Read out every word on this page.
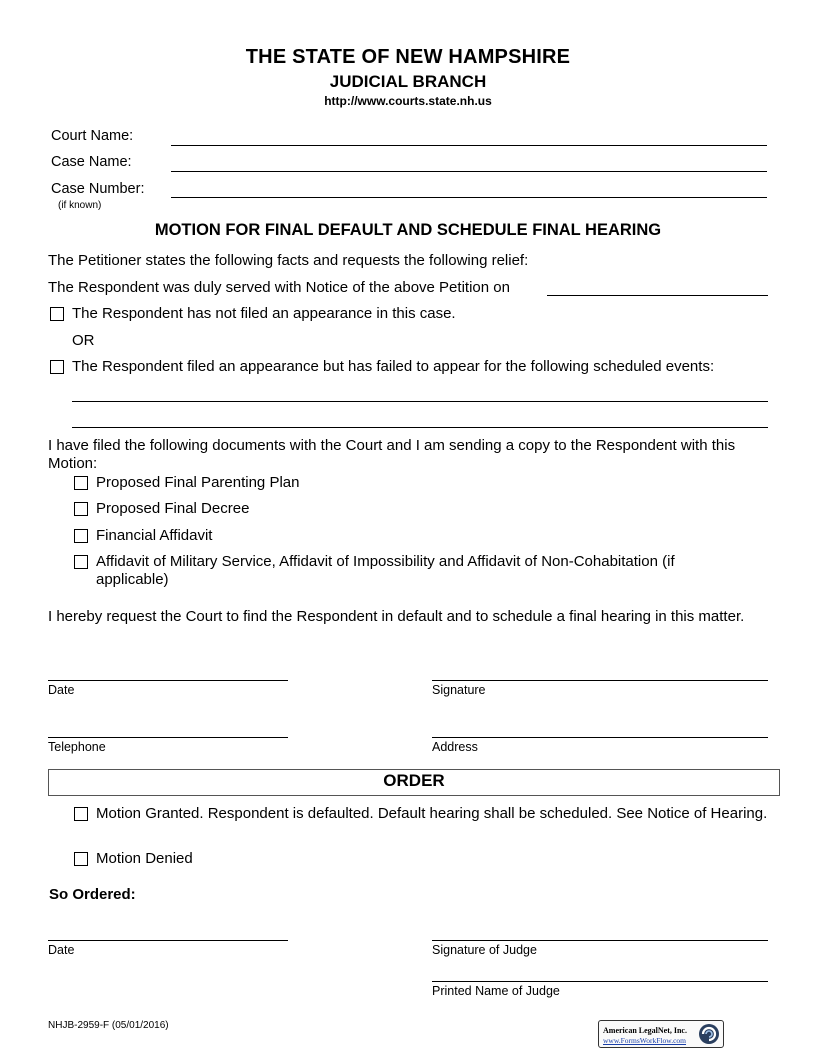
THE STATE OF NEW HAMPSHIRE
JUDICIAL BRANCH
http://www.courts.state.nh.us
Court Name:
Case Name:
Case Number:
(if known)
MOTION FOR FINAL DEFAULT AND SCHEDULE FINAL HEARING
The Petitioner states the following facts and requests the following relief:
The Respondent was duly served with Notice of the above Petition on
The Respondent has not filed an appearance in this case.
OR
The Respondent filed an appearance but has failed to appear for the following scheduled events:
I have filed the following documents with the Court and I am sending a copy to the Respondent with this Motion:
Proposed Final Parenting Plan
Proposed Final Decree
Financial Affidavit
Affidavit of Military Service, Affidavit of Impossibility and Affidavit of Non-Cohabitation (if applicable)
I hereby request the Court to find the Respondent in default and to schedule a final hearing in this matter.
Date	Signature
Telephone	Address
ORDER
Motion Granted. Respondent is defaulted. Default hearing shall be scheduled. See Notice of Hearing.
Motion Denied
So Ordered:
Date	Signature of Judge
Printed Name of Judge
NHJB-2959-F (05/01/2016)	American LegalNet, Inc.
www.FormsWorkFlow.com
